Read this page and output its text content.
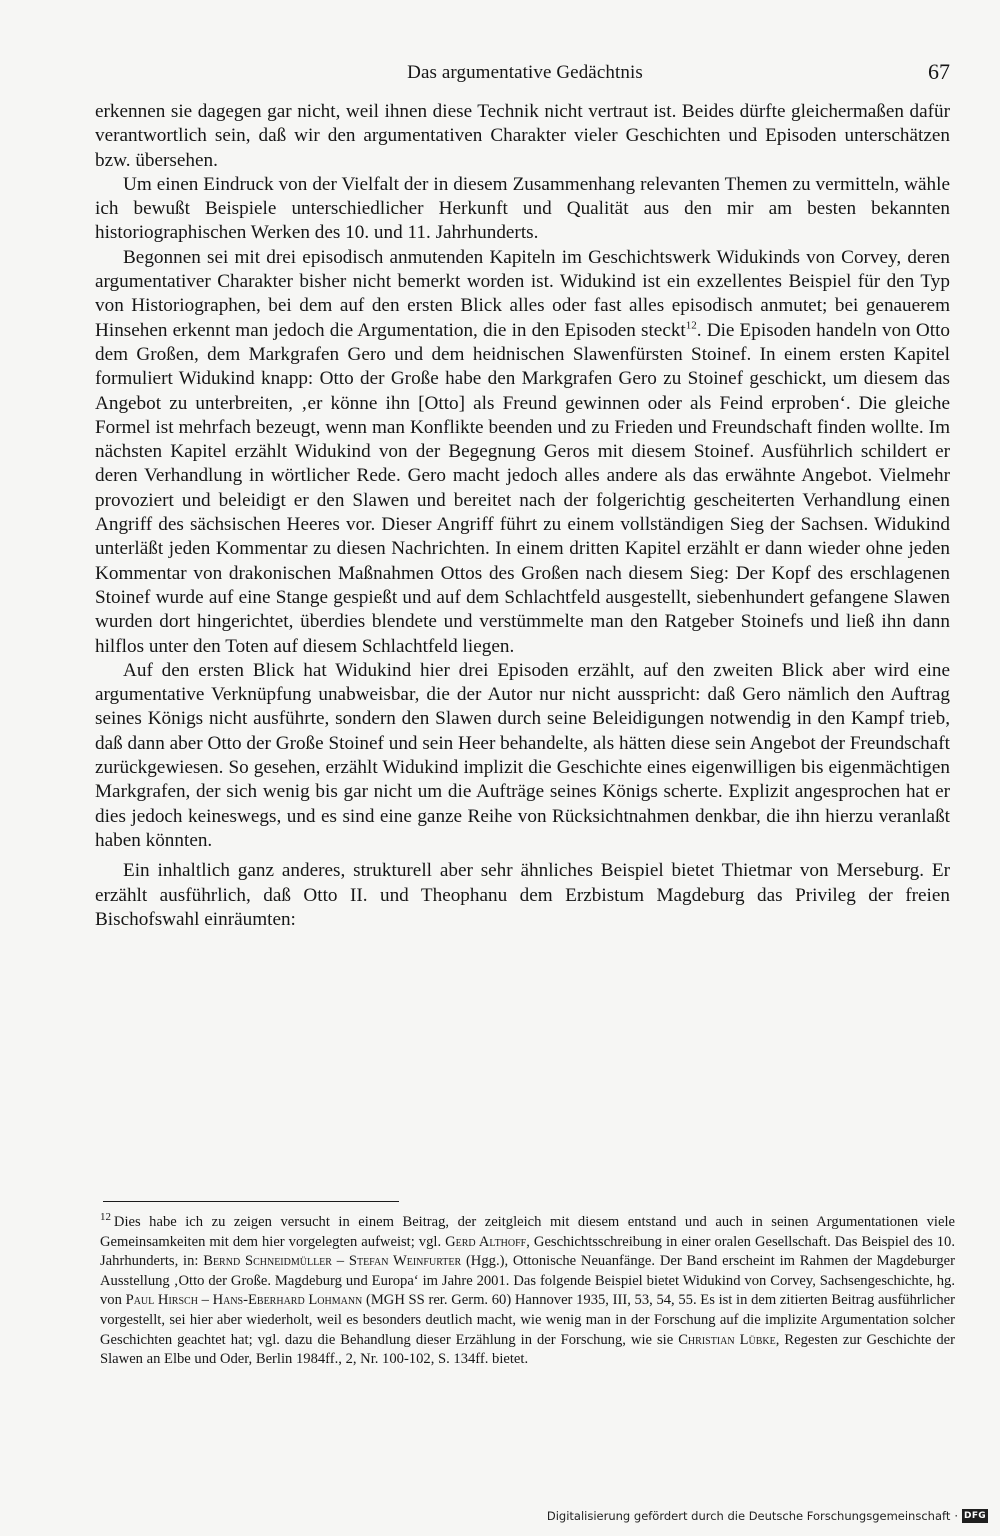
Das argumentative Gedächtnis	67

erkennen sie dagegen gar nicht, weil ihnen diese Technik nicht vertraut ist. Beides dürfte gleichermaßen dafür verantwortlich sein, daß wir den argumentativen Charakter vieler Geschichten und Episoden unterschätzen bzw. übersehen.

Um einen Eindruck von der Vielfalt der in diesem Zusammenhang relevanten Themen zu vermitteln, wähle ich bewußt Beispiele unterschiedlicher Herkunft und Qualität aus den mir am besten bekannten historiographischen Werken des 10. und 11. Jahrhunderts.

Begonnen sei mit drei episodisch anmutenden Kapiteln im Geschichtswerk Widukinds von Corvey, deren argumentativer Charakter bisher nicht bemerkt worden ist. Widukind ist ein exzellentes Beispiel für den Typ von Historiographen, bei dem auf den ersten Blick alles oder fast alles episodisch anmutet; bei genauerem Hinsehen erkennt man jedoch die Argumentation, die in den Episoden steckt$^{12}$. Die Episoden handeln von Otto dem Großen, dem Markgrafen Gero und dem heidnischen Slawenfürsten Stoinef. In einem ersten Kapitel formuliert Widukind knapp: Otto der Große habe den Markgrafen Gero zu Stoinef geschickt, um diesem das Angebot zu unterbreiten, ‚er könne ihn [Otto] als Freund gewinnen oder als Feind erproben‘. Die gleiche Formel ist mehrfach bezeugt, wenn man Konflikte beenden und zu Frieden und Freundschaft finden wollte. Im nächsten Kapitel erzählt Widukind von der Begegnung Geros mit diesem Stoinef. Ausführlich schildert er deren Verhandlung in wörtlicher Rede. Gero macht jedoch alles andere als das erwähnte Angebot. Vielmehr provoziert und beleidigt er den Slawen und bereitet nach der folgerichtig gescheiterten Verhandlung einen Angriff des sächsischen Heeres vor. Dieser Angriff führt zu einem vollständigen Sieg der Sachsen. Widukind unterläßt jeden Kommentar zu diesen Nachrichten. In einem dritten Kapitel erzählt er dann wieder ohne jeden Kommentar von drakonischen Maßnahmen Ottos des Großen nach diesem Sieg: Der Kopf des erschlagenen Stoinef wurde auf eine Stange gespießt und auf dem Schlachtfeld ausgestellt, siebenhundert gefangene Slawen wurden dort hingerichtet, überdies blendete und verstümmelte man den Ratgeber Stoinefs und ließ ihn dann hilflos unter den Toten auf diesem Schlachtfeld liegen.

Auf den ersten Blick hat Widukind hier drei Episoden erzählt, auf den zweiten Blick aber wird eine argumentative Verknüpfung unabweisbar, die der Autor nur nicht ausspricht: daß Gero nämlich den Auftrag seines Königs nicht ausführte, sondern den Slawen durch seine Beleidigungen notwendig in den Kampf trieb, daß dann aber Otto der Große Stoinef und sein Heer behandelte, als hätten diese sein Angebot der Freundschaft zurückgewiesen. So gesehen, erzählt Widukind implizit die Geschichte eines eigenwilligen bis eigenmächtigen Markgrafen, der sich wenig bis gar nicht um die Aufträge seines Königs scherte. Explizit angesprochen hat er dies jedoch keineswegs, und es sind eine ganze Reihe von Rücksichtnahmen denkbar, die ihn hierzu veranlaßt haben könnten.

Ein inhaltlich ganz anderes, strukturell aber sehr ähnliches Beispiel bietet Thietmar von Merseburg. Er erzählt ausführlich, daß Otto II. und Theophanu dem Erzbistum Magdeburg das Privileg der freien Bischofswahl einräumten:

$^{12}$  Dies habe ich zu zeigen versucht in einem Beitrag, der zeitgleich mit diesem entstand und auch in seinen Argumentationen viele Gemeinsamkeiten mit dem hier vorgelegten aufweist; vgl. Gerd Althoff, Geschichtsschreibung in einer oralen Gesellschaft. Das Beispiel des 10. Jahrhunderts, in: Bernd Schneidmüller – Stefan Weinfurter (Hgg.), Ottonische Neuanfänge. Der Band erscheint im Rahmen der Magdeburger Ausstellung ‚Otto der Große. Magdeburg und Europa‘ im Jahre 2001. Das folgende Beispiel bietet Widukind von Corvey, Sachsengeschichte, hg. von Paul Hirsch – Hans-Eberhard Lohmann (MGH SS rer. Germ. 60) Hannover 1935, III, 53, 54, 55. Es ist in dem zitierten Beitrag ausführlicher vorgestellt, sei hier aber wiederholt, weil es besonders deutlich macht, wie wenig man in der Forschung auf die implizite Argumentation solcher Geschichten geachtet hat; vgl. dazu die Behandlung dieser Erzählung in der Forschung, wie sie Christian Lübke, Regesten zur Geschichte der Slawen an Elbe und Oder, Berlin 1984ff., 2, Nr. 100-102, S. 134ff. bietet.

Digitalisierung gefördert durch die Deutsche Forschungsgemeinschaft · DFG
